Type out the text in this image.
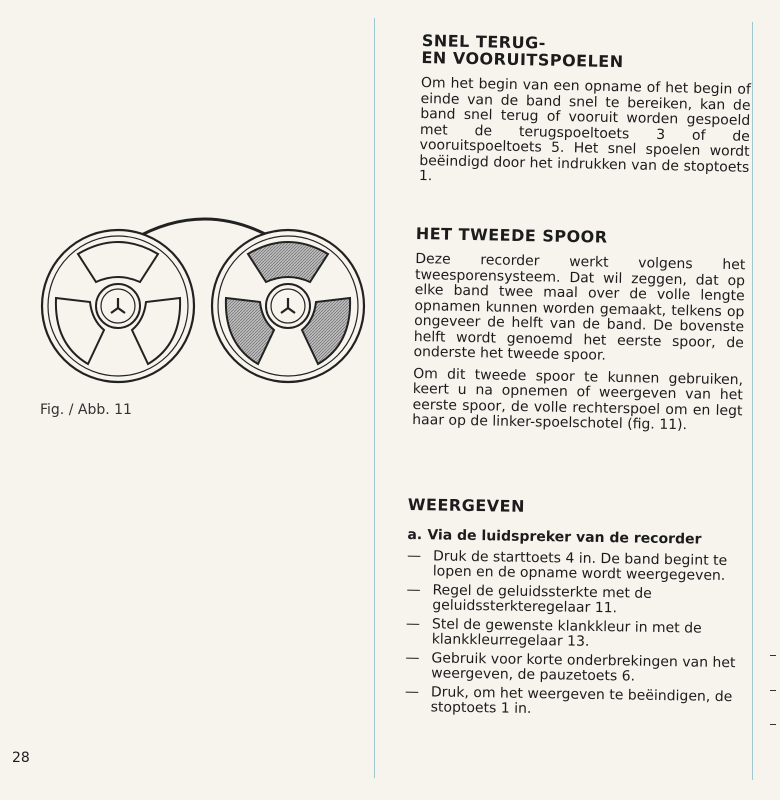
Fig. / Abb. 11
SNEL TERUG-
EN VOORUITSPOELEN

Om het begin van een opname of het begin of einde van de band snel te bereiken, kan de band snel terug of vooruit worden gespoeld met de terugspoeltoets 3 of de vooruitspoeltoets 5. Het snel spoelen wordt beëindigd door het indrukken van de stoptoets 1.

HET TWEEDE SPOOR

Deze recorder werkt volgens het tweesporensysteem. Dat wil zeggen, dat op elke band twee maal over de volle lengte opnamen kunnen worden gemaakt, telkens op ongeveer de helft van de band. De bovenste helft wordt genoemd het eerste spoor, de onderste het tweede spoor.

Om dit tweede spoor te kunnen gebruiken, keert u na opnemen of weergeven van het eerste spoor, de volle rechterspoel om en legt haar op de linker-spoelschotel (fig. 11).

WEERGEVEN
a. Via de luidspreker van de recorder
— Druk de starttoets 4 in. De band begint te lopen en de opname wordt weergegeven.
— Regel de geluidssterkte met de geluidssterkteregelaar 11.
— Stel de gewenste klankkleur in met de klankkleurregelaar 13.
— Gebruik voor korte onderbrekingen van het weergeven, de pauzetoets 6.
— Druk, om het weergeven te beëindigen, de stoptoets 1 in.
28
